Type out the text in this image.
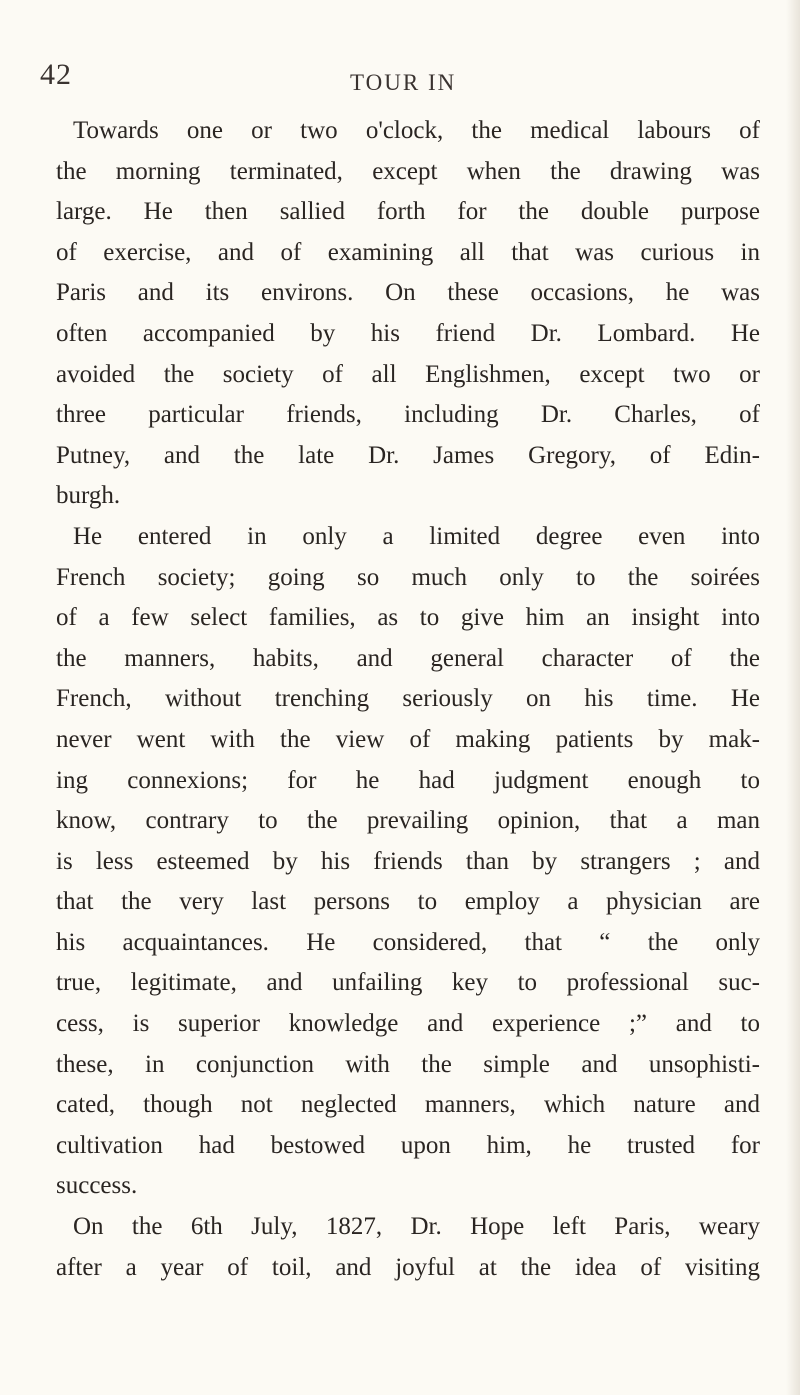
42	TOUR IN
Towards one or two o'clock, the medical labours of
the morning terminated, except when the drawing was
large. He then sallied forth for the double purpose
of exercise, and of examining all that was curious in
Paris and its environs. On these occasions, he was
often accompanied by his friend Dr. Lombard. He
avoided the society of all Englishmen, except two or
three particular friends, including Dr. Charles, of
Putney, and the late Dr. James Gregory, of Edin-
burgh.
He entered in only a limited degree even into
French society; going so much only to the soirées
of a few select families, as to give him an insight into
the manners, habits, and general character of the
French, without trenching seriously on his time. He
never went with the view of making patients by mak-
ing connexions; for he had judgment enough to
know, contrary to the prevailing opinion, that a man
is less esteemed by his friends than by strangers ; and
that the very last persons to employ a physician are
his acquaintances. He considered, that “ the only
true, legitimate, and unfailing key to professional suc-
cess, is superior knowledge and experience ;” and to
these, in conjunction with the simple and unsophisti-
cated, though not neglected manners, which nature and
cultivation had bestowed upon him, he trusted for
success.
On the 6th July, 1827, Dr. Hope left Paris, weary
after a year of toil, and joyful at the idea of visiting
